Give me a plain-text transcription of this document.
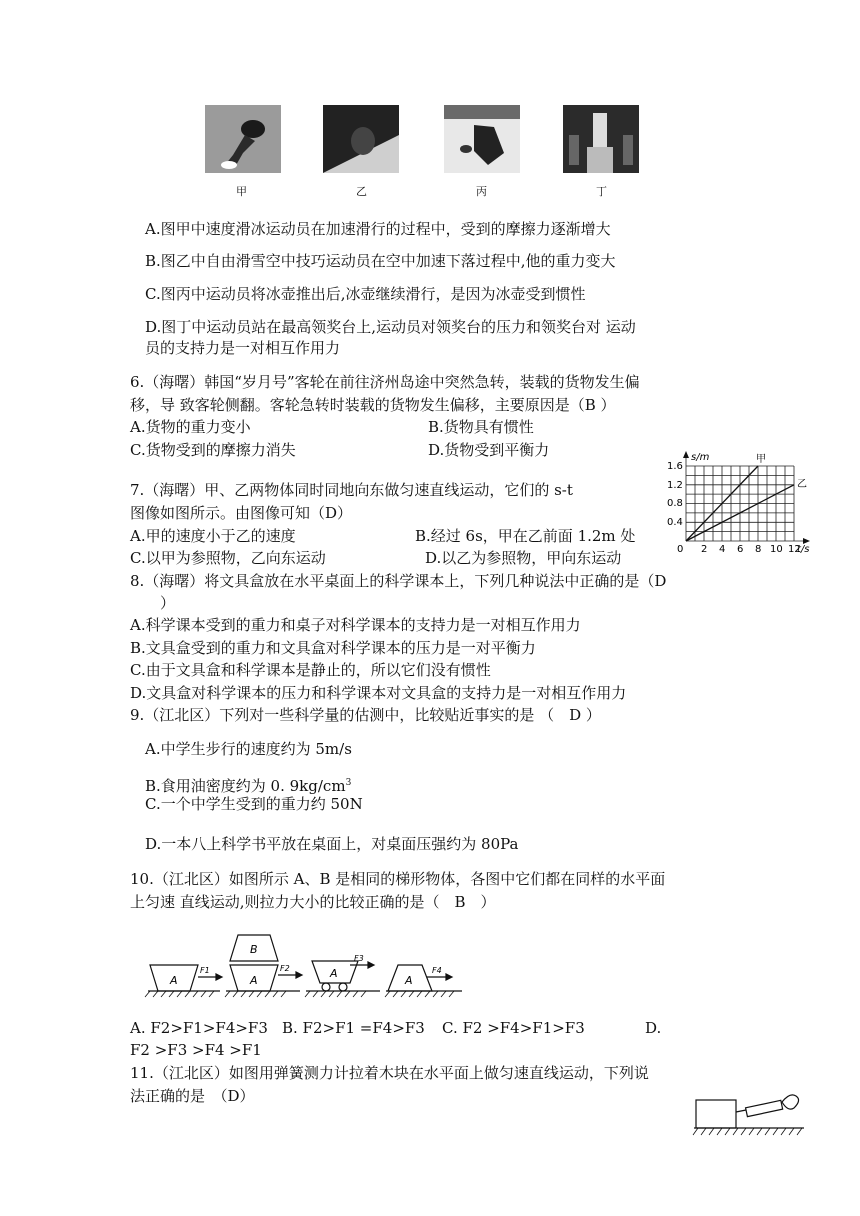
甲	乙	丙	丁
A.图甲中速度滑冰运动员在加速滑行的过程中，受到的摩擦力逐渐增大
B.图乙中自由滑雪空中技巧运动员在空中加速下落过程中,他的重力变大
C.图丙中运动员将冰壶推出后,冰壶继续滑行，是因为冰壶受到惯性
D.图丁中运动员站在最高领奖台上,运动员对领奖台的压力和领奖台对 运动
员的支持力是一对相互作用力
6.（海曙）韩国“岁月号”客轮在前往济州岛途中突然急转，装载的货物发生偏
移，导 致客轮侧翻。客轮急转时装载的货物发生偏移，主要原因是（B ）
A.货物的重力变小	B.货物具有惯性
C.货物受到的摩擦力消失	D.货物受到平衡力
7.（海曙）甲、乙两物体同时同地向东做匀速直线运动，它们的 s-t
图像如图所示。由图像可知（D）
A.甲的速度小于乙的速度	B.经过 6s，甲在乙前面 1.2m 处
C.以甲为参照物，乙向东运动	D.以乙为参照物，甲向东运动
s/m
t/s
0
0.4
0.8
1.2
1.6
2 4 6 8 10 12
甲
乙
8.（海曙）将文具盒放在水平桌面上的科学课本上，下列几种说法中正确的是（D
）
A.科学课本受到的重力和桌子对科学课本的支持力是一对相互作用力
B.文具盒受到的重力和文具盒对科学课本的压力是一对平衡力
C.由于文具盒和科学课本是静止的，所以它们没有惯性
D.文具盒对科学课本的压力和科学课本对文具盒的支持力是一对相互作用力
9.（江北区）下列对一些科学量的估测中，比较贴近事实的是 （　D ）
A.中学生步行的速度约为 5m/s
B.食用油密度约为 0. $9kg/cm^3$
C.一个中学生受到的重力约 50N
D.一本八上科学书平放在桌面上，对桌面压强约为 80Pa
10.（江北区）如图所示 A、B 是相同的梯形物体，各图中它们都在同样的水平面
上匀速 直线运动,则拉力大小的比较正确的是（　B　）
A	A
B
A
A
F1	F2
F3
F4
A. F2>F1>F4>F3 B. F2>F1 =F4>F3 C. F2 >F4>F1>F3	D.
F2 >F3 >F4 >F1
11.（江北区）如图用弹簧测力计拉着木块在水平面上做匀速直线运动，下列说
法正确的是　（D）
